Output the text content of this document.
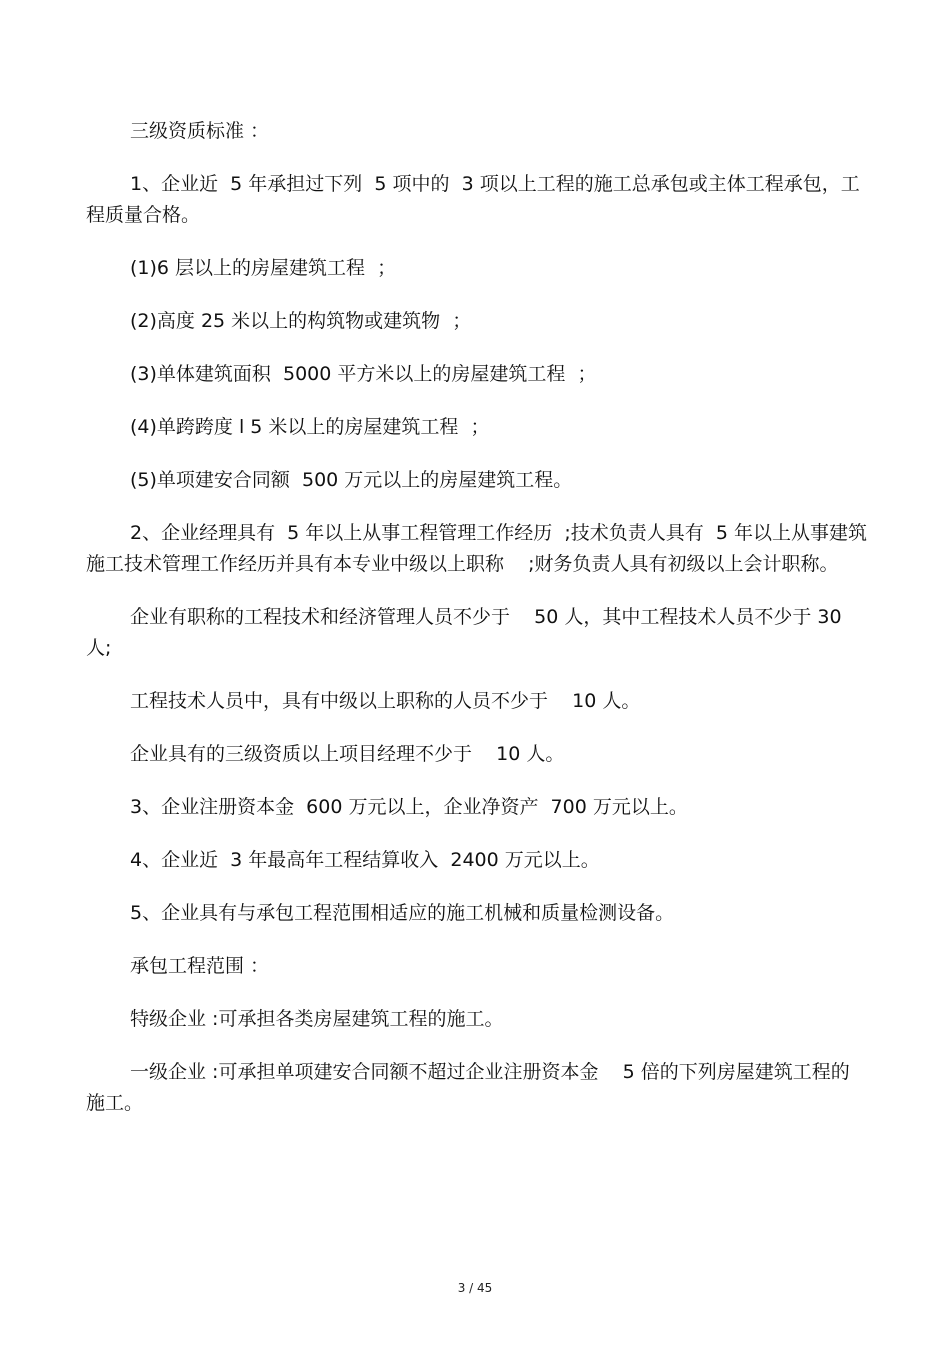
三级资质标准 ：

1、企业近  5 年承担过下列  5 项中的  3 项以上工程的施工总承包或主体工程承包，工程质量合格。

(1)6 层以上的房屋建筑工程  ；

(2)高度 25 米以上的构筑物或建筑物  ；

(3)单体建筑面积  5000 平方米以上的房屋建筑工程  ；

(4)单跨跨度 l 5 米以上的房屋建筑工程  ；

(5)单项建安合同额  500 万元以上的房屋建筑工程。

2、企业经理具有  5 年以上从事工程管理工作经历  ;技术负责人具有  5 年以上从事建筑施工技术管理工作经历并具有本专业中级以上职称    ;财务负责人具有初级以上会计职称。

企业有职称的工程技术和经济管理人员不少于    50 人，其中工程技术人员不少于 30 人;

工程技术人员中，具有中级以上职称的人员不少于    10 人。

企业具有的三级资质以上项目经理不少于    10 人。

3、企业注册资本金  600 万元以上，企业净资产  700 万元以上。

4、企业近  3 年最高年工程结算收入  2400 万元以上。

5、企业具有与承包工程范围相适应的施工机械和质量检测设备。

承包工程范围 ：

特级企业 :可承担各类房屋建筑工程的施工。

一级企业 :可承担单项建安合同额不超过企业注册资本金    5 倍的下列房屋建筑工程的施工。

3 / 45
